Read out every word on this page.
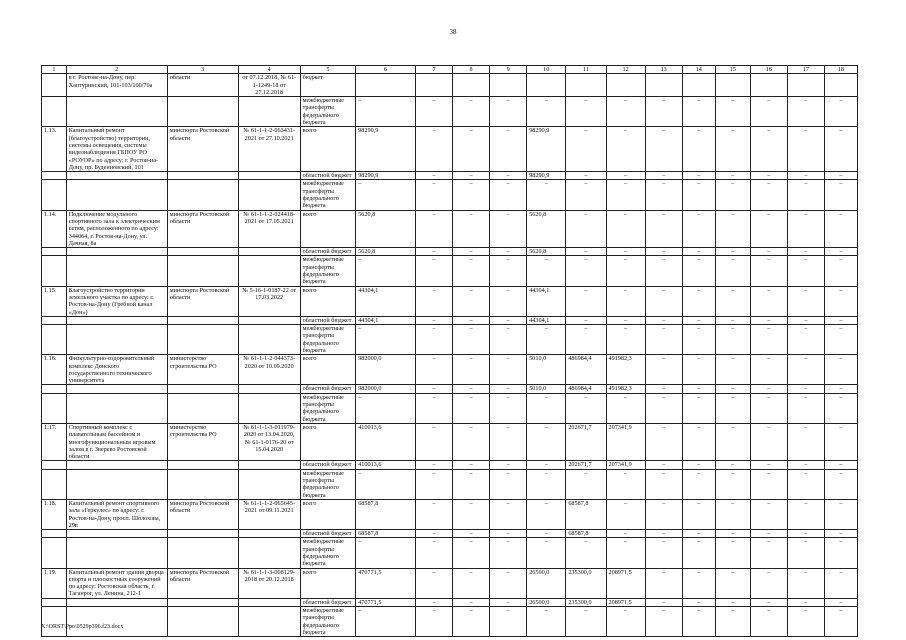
38
1	2	3	4	5	6	7	8	9	10	11	12	13	14	15	16	17	18
	в г. Ростове-на-Дону, пер. Хаптуринский, 101-103/100/70а	области	от 07.12.2018, № 61-1-1249-18 от 27.12.2018	бюджет													
				межбюджетные трансферты федерального бюджета	–	–	–	–	–	–	–	–	–	–	–	–	–
1.13.	Капитальный ремонт (благоустройство) территории, системы освещения, системы видеонаблюдения ГБПОУ РО «РОУОР» по адресу: г. Ростов-на-Дону, пр. Буденновский, 101	минспорта Ростовской области	№ 61-1-1-2-063431-2021 от 27.10.2021	всего	98290,9	–	–	–	98290,9	–	–	–	–	–	–	–	–
				областной бюджет	98290,9	–	–	–	98290,9	–	–	–	–	–	–	–	–
				межбюджетные трансферты федерального бюджета	–	–	–	–	–	–	–	–	–	–	–	–	–
1.14.	Подключение модульного спортивного зала к электрическим сетям, расположенного по адресу: 344064, г. Ростов-на-Дону, ул. Дачная, 8а	минспорта Ростовской области	№ 61-1-1-2-024418-2021 от 17.05.2021	всего	5620,8	–	–	–	5620,8	–	–	–	–	–	–	–	–
				областной бюджет	5620,8	–	–	–	5620,8	–	–	–	–	–	–	–	–
				межбюджетные трансферты федерального бюджета	–	–	–	–	–	–	–	–	–	–	–	–	–
1.15.	Благоустройство территории земельного участка по адресу: г. Ростов-на-Дону (Гребной канал «Дон»)	минспорта Ростовской области	№ 5-16-1-0187-22 от 17.03.2022	всего	44304,1	–	–	–	44304,1	–	–	–	–	–	–	–	–
				областной бюджет	44304,1	–	–	–	44304,1	–	–	–	–	–	–	–	–
				межбюджетные трансферты федерального бюджета	–	–	–	–	–	–	–	–	–	–	–	–	–
1.16.	Физкультурно-оздоровительный комплекс Донского государственного технического университета	министерство строительства РО	№ 61-1-1-2-044373-2020 от 10.09.2020	всего	982000,0	–	–	–	5010,0	486984,4	491982,3	–	–	–	–	–	–
				областной бюджет	982000,0	–	–	–	5010,0	486984,4	491982,3	–	–	–	–	–	–
				межбюджетные трансферты федерального бюджета	–	–	–	–	–	–	–	–	–	–	–	–	–
1.17.	Спортивный комплекс с плавательным бассейном и многофункциональным игровым залом в г. Зверево Ростовской области	министерство строительства РО	№ 61-1-1-3-011979-2020 от 13.04.2020, № 61-1-0176-20 от 15.04.2020	всего	410013,6	–	–	–	–	202671,7	207341,9	–	–	–	–	–	–
				областной бюджет	410013,6	–	–	–	–	202671,7	207341,9	–	–	–	–	–	–
				межбюджетные трансферты федерального бюджета	–	–	–	–	–	–	–	–	–	–	–	–	–
1.18.	Капитальный ремонт спортивного зала «Геркулес» по адресу: г. Ростов-на-Дону, просп. Шолохова, 29в	минспорта Ростовской области	№ 61-1-1-2-065645-2021 от 09.11.2021	всего	68587,8	–	–	–	–	68587,8	–	–	–	–	–	–	–
				областной бюджет	68587,8	–	–	–	–	68587,8	–	–	–	–	–	–	–
				межбюджетные трансферты федерального бюджета	–	–	–	–	–	–	–	–	–	–	–	–	–
1.19.	Капитальный ремонт здания дворца спорта и плоскостных сооружений по адресу: Ростовская область, г. Таганрог, ул. Ленина, 212-1	минспорта Ростовской области	№ 61-1-1-3-008129-2018 от 20.12.2018	всего	470771,5	–	–	–	26500,0	235300,0	208971,5	–	–	–	–	–	–
				областной бюджет	470771,5	–	–	–	26500,0	235300,0	208971,5	–	–	–	–	–	–
				межбюджетные трансферты федерального бюджета	–	–	–	–	–	–	–	–	–	–	–	–	–
X:\ORST\Ppo\0529p396.f23.docx
